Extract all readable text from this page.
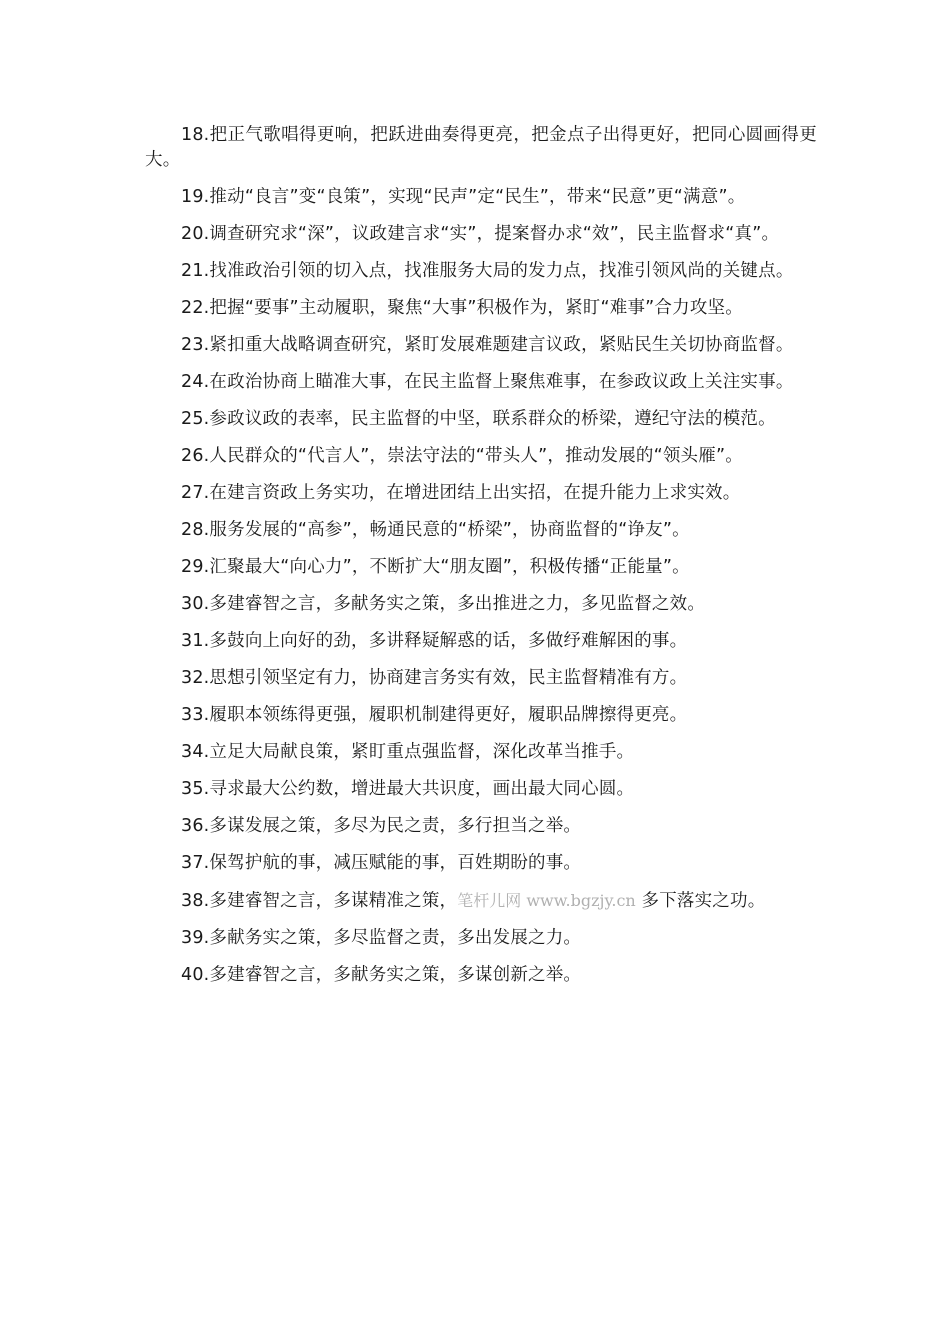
18.把正气歌唱得更响，把跃进曲奏得更亮，把金点子出得更好，把同心圆画得更大。

19.推动“良言”变“良策”，实现“民声”定“民生”，带来“民意”更“满意”。

20.调查研究求“深”，议政建言求“实”，提案督办求“效”，民主监督求“真”。

21.找准政治引领的切入点，找准服务大局的发力点，找准引领风尚的关键点。

22.把握“要事”主动履职，聚焦“大事”积极作为，紧盯“难事”合力攻坚。

23.紧扣重大战略调查研究，紧盯发展难题建言议政，紧贴民生关切协商监督。

24.在政治协商上瞄准大事，在民主监督上聚焦难事，在参政议政上关注实事。

25.参政议政的表率，民主监督的中坚，联系群众的桥梁，遵纪守法的模范。

26.人民群众的“代言人”，崇法守法的“带头人”，推动发展的“领头雁”。

27.在建言资政上务实功，在增进团结上出实招，在提升能力上求实效。

28.服务发展的“高参”，畅通民意的“桥梁”，协商监督的“诤友”。

29.汇聚最大“向心力”，不断扩大“朋友圈”，积极传播“正能量”。

30.多建睿智之言，多献务实之策，多出推进之力，多见监督之效。

31.多鼓向上向好的劲，多讲释疑解惑的话，多做纾难解困的事。

32.思想引领坚定有力，协商建言务实有效，民主监督精准有方。

33.履职本领练得更强，履职机制建得更好，履职品牌擦得更亮。

34.立足大局献良策，紧盯重点强监督，深化改革当推手。

35.寻求最大公约数，增进最大共识度，画出最大同心圆。

36.多谋发展之策，多尽为民之责，多行担当之举。

37.保驾护航的事，减压赋能的事，百姓期盼的事。

38.多建睿智之言，多谋精准之策，笔杆儿网 www.bgzjy.cn 多下落实之功。

39.多献务实之策，多尽监督之责，多出发展之力。

40.多建睿智之言，多献务实之策，多谋创新之举。
